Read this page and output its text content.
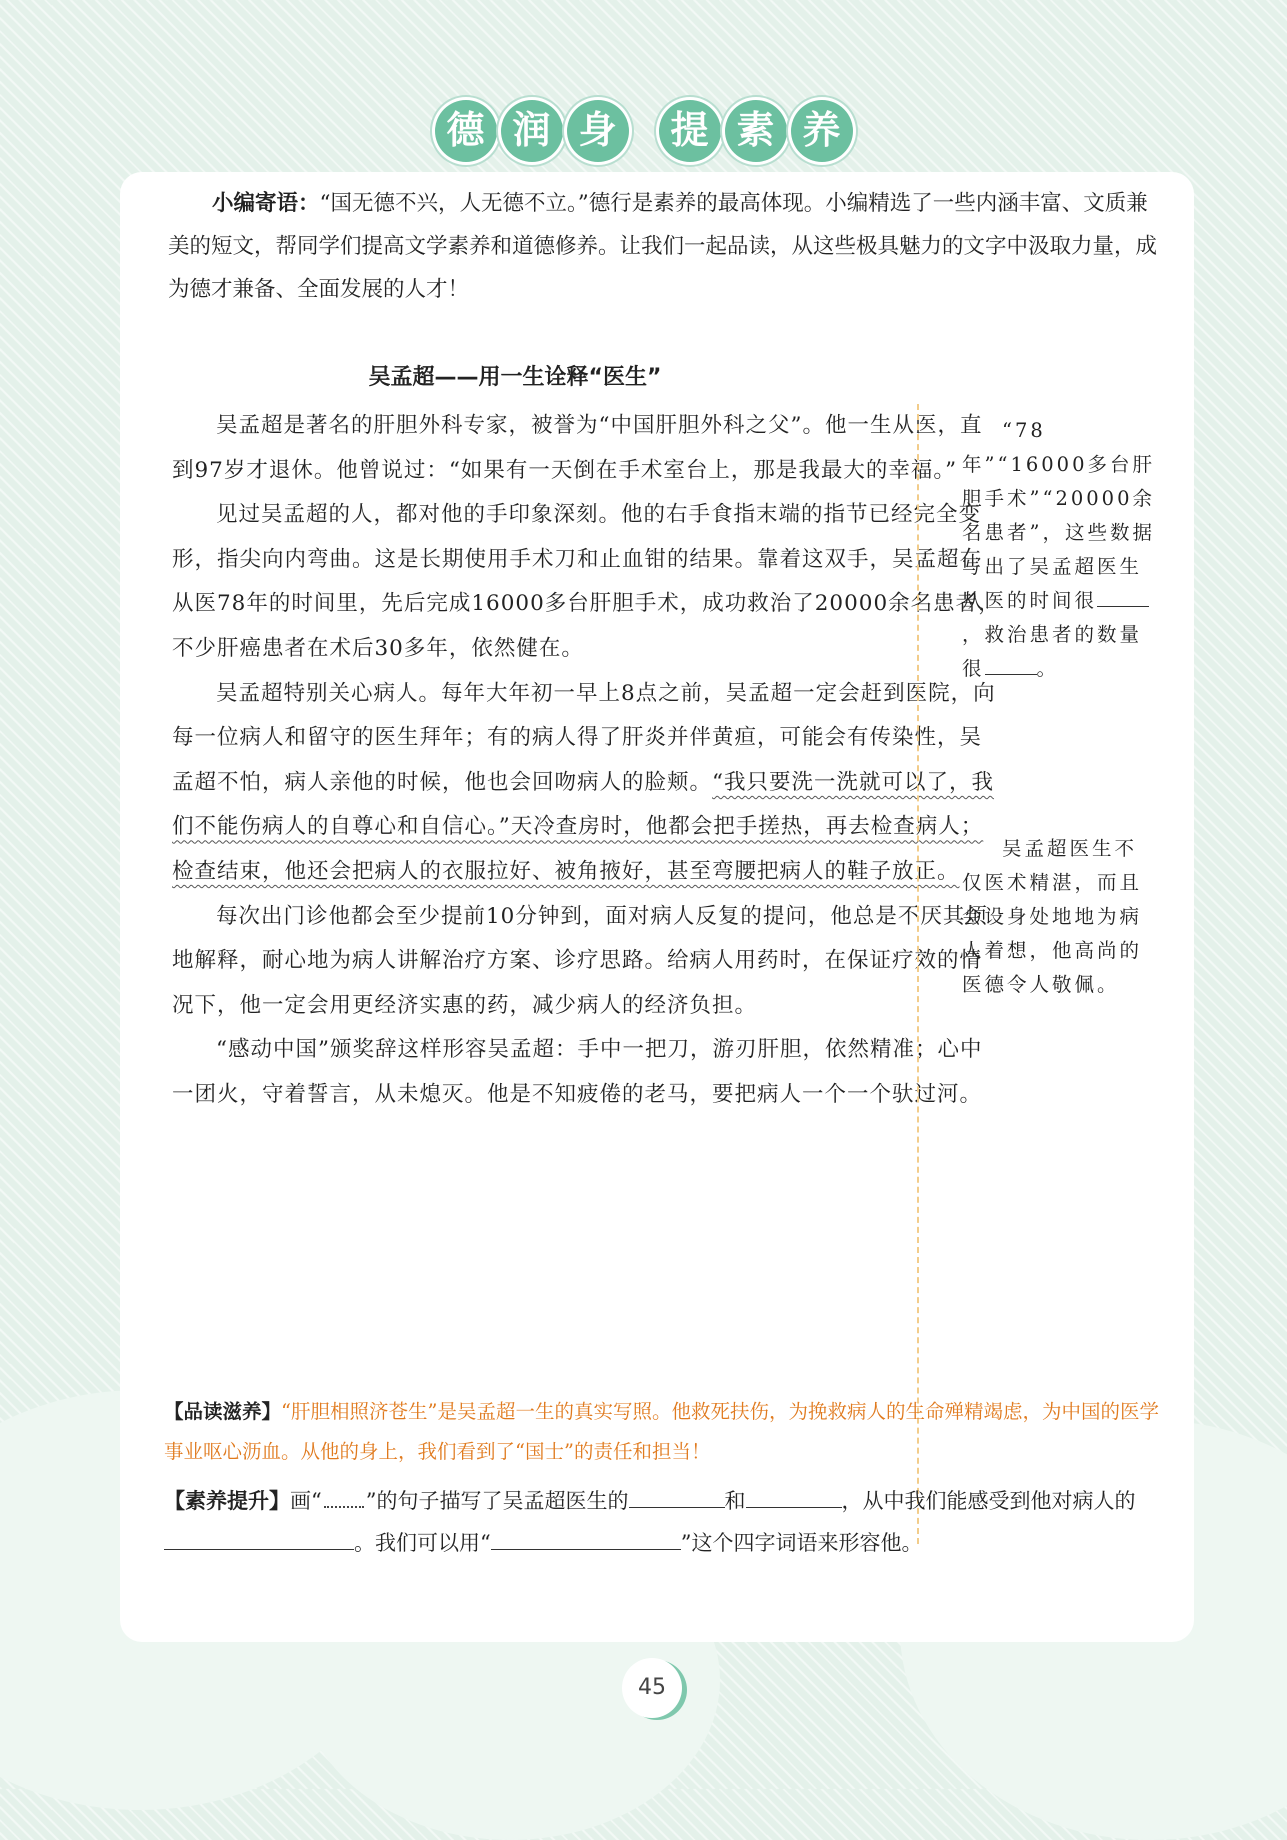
德 润 身 提 素 养

小编寄语：“国无德不兴，人无德不立。”德行是素养的最高体现。小编精选了一些内涵丰富、文质兼美的短文，帮同学们提高文学素养和道德修养。让我们一起品读，从这些极具魅力的文字中汲取力量，成为德才兼备、全面发展的人才！

吴孟超——用一生诠释“医生”

吴孟超是著名的肝胆外科专家，被誉为“中国肝胆外科之父”。他一生从医，直到97岁才退休。他曾说过：“如果有一天倒在手术室台上，那是我最大的幸福。”

见过吴孟超的人，都对他的手印象深刻。他的右手食指末端的指节已经完全变形，指尖向内弯曲。这是长期使用手术刀和止血钳的结果。靠着这双手，吴孟超在从医78年的时间里，先后完成16000多台肝胆手术，成功救治了20000余名患者，不少肝癌患者在术后30多年，依然健在。

吴孟超特别关心病人。每年大年初一早上8点之前，吴孟超一定会赶到医院，向每一位病人和留守的医生拜年；有的病人得了肝炎并伴黄疸，可能会有传染性，吴孟超不怕，病人亲他的时候，他也会回吻病人的脸颊。“我只要洗一洗就可以了，我们不能伤病人的自尊心和自信心。”天冷查房时，他都会把手搓热，再去检查病人；检查结束，他还会把病人的衣服拉好、被角掖好，甚至弯腰把病人的鞋子放正。

每次出门诊他都会至少提前10分钟到，面对病人反复的提问，他总是不厌其烦地解释，耐心地为病人讲解治疗方案、诊疗思路。给病人用药时，在保证疗效的情况下，他一定会用更经济实惠的药，减少病人的经济负担。

“感动中国”颁奖辞这样形容吴孟超：手中一把刀，游刃肝胆，依然精准；心中一团火，守着誓言，从未熄灭。他是不知疲倦的老马，要把病人一个一个驮过河。

“78年”“16000多台肝胆手术”“20000余名患者”，这些数据写出了吴孟超医生从医的时间很，救治患者的数量很	。

吴孟超医生不仅医术精湛，而且会设身处地地为病人着想，他高尚的医德令人敬佩。

【品读滋养】“肝胆相照济苍生”是吴孟超一生的真实写照。他救死扶伤，为挽救病人的生命殚精竭虑，为中国的医学事业呕心沥血。从他的身上，我们看到了“国士”的责任和担当！

【素养提升】画“ ”的句子描写了吴孟超医生的	和	，从中我们能感受到他对病人的。我们可以用“	”这个四字词语来形容他。

45
